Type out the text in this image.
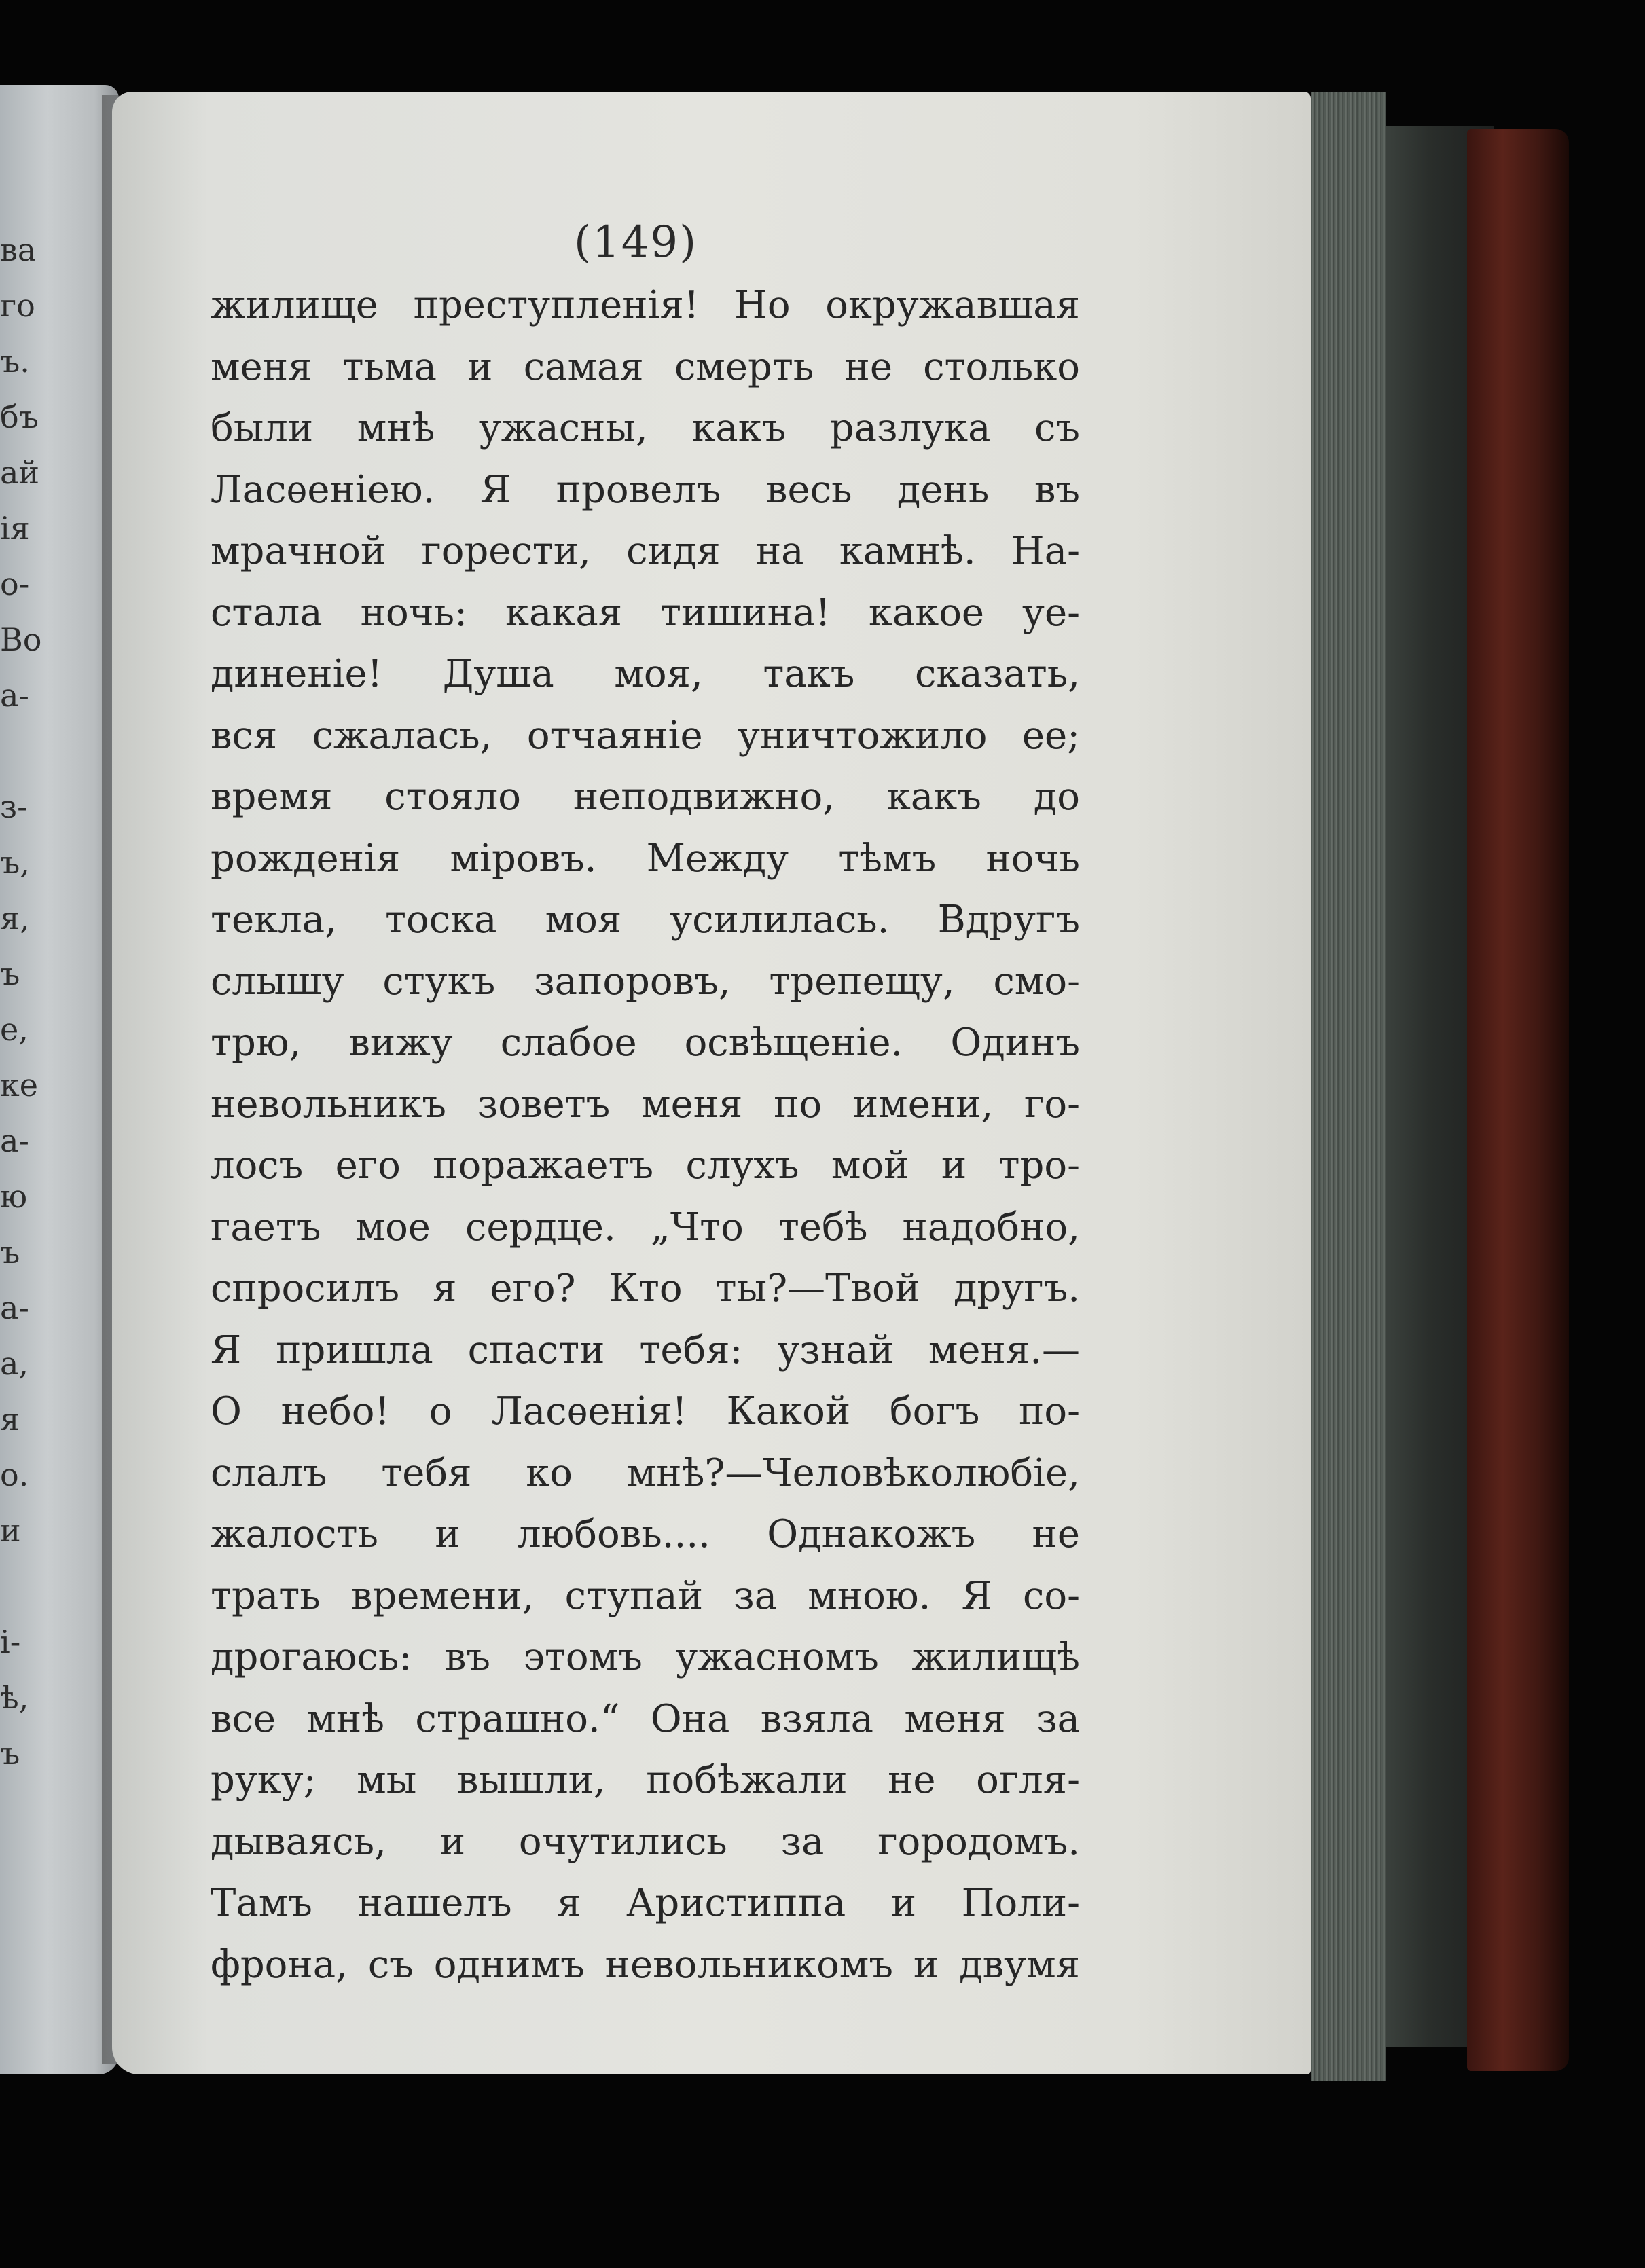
ва
го
ъ.
бъ
ай
ія
о-
Во
а-
з-
ъ,
я,
ъ
е,
ке
а-
ю
ъ
а-
а,
я
о.
и
і-
ѣ,
ъ
(149)
жилище преступленія! Но окружавшая
меня тьма и самая смерть не столько
были мнѣ ужасны, какъ разлука съ
Ласѳеніею. Я провелъ весь день въ
мрачной горести, сидя на камнѣ. На-
стала ночь: какая тишина! какое уе-
диненіе! Душа моя, такъ сказать,
вся сжалась, отчаяніе уничтожило ее;
время стояло неподвижно, какъ до
рожденія міровъ. Между тѣмъ ночь
текла, тоска моя усилилась. Вдругъ
слышу стукъ запоровъ, трепещу, смо-
трю, вижу слабое освѣщеніе. Одинъ
невольникъ зоветъ меня по имени, го-
лосъ его поражаетъ слухъ мой и тро-
гаетъ мое сердце. „Что тебѣ надобно,
спросилъ я его? Кто ты?—Твой другъ.
Я пришла спасти тебя: узнай меня.—
О небо! о Ласѳенія! Какой богъ по-
слалъ тебя ко мнѣ?—Человѣколюбіе,
жалость и любовь.... Однакожъ не
трать времени, ступай за мною. Я со-
дрогаюсь: въ этомъ ужасномъ жилищѣ
все мнѣ страшно.“ Она взяла меня за
руку; мы вышли, побѣжали не огля-
дываясь, и очутились за городомъ.
Тамъ нашелъ я Аристиппа и Поли-
фрона, съ однимъ невольникомъ и двумя
